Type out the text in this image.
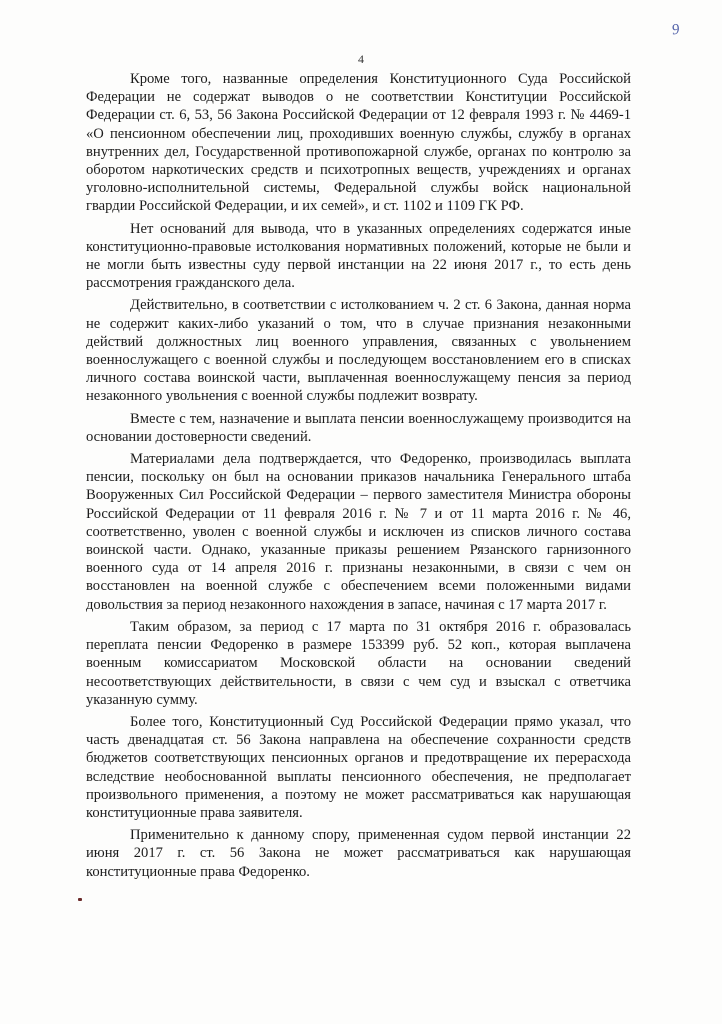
9
4

Кроме того, названные определения Конституционного Суда Российской Федерации не содержат выводов о не соответствии Конституции Российской Федерации ст. 6, 53, 56 Закона Российской Федерации от 12 февраля 1993 г. № 4469-1 «О пенсионном обеспечении лиц, проходивших военную службы, службу в органах внутренних дел, Государственной противопожарной службе, органах по контролю за оборотом наркотических средств и психотропных веществ, учреждениях и органах уголовно-исполнительной системы, Федеральной службы войск национальной гвардии Российской Федерации, и их семей», и ст. 1102 и 1109 ГК РФ.

Нет оснований для вывода, что в указанных определениях содержатся иные конституционно-правовые истолкования нормативных положений, которые не были и не могли быть известны суду первой инстанции на 22 июня 2017 г., то есть день рассмотрения гражданского дела.

Действительно, в соответствии с истолкованием ч. 2 ст. 6 Закона, данная норма не содержит каких-либо указаний о том, что в случае признания незаконными действий должностных лиц военного управления, связанных с увольнением военнослужащего с военной службы и последующем восстановлением его в списках личного состава воинской части, выплаченная военнослужащему пенсия за период незаконного увольнения с военной службы подлежит возврату.

Вместе с тем, назначение и выплата пенсии военнослужащему производится на основании достоверности сведений.

Материалами дела подтверждается, что Федоренко, производилась выплата пенсии, поскольку он был на основании приказов начальника Генерального штаба Вооруженных Сил Российской Федерации – первого заместителя Министра обороны Российской Федерации от 11 февраля 2016 г. № 7 и от 11 марта 2016 г. № 46, соответственно, уволен с военной службы и исключен из списков личного состава воинской части. Однако, указанные приказы решением Рязанского гарнизонного военного суда от 14 апреля 2016 г. признаны незаконными, в связи с чем он восстановлен на военной службе с обеспечением всеми положенными видами довольствия за период незаконного нахождения в запасе, начиная с 17 марта 2017 г.

Таким образом, за период с 17 марта по 31 октября 2016 г. образовалась переплата пенсии Федоренко в размере 153399 руб. 52 коп., которая выплачена военным комиссариатом Московской области на основании сведений несоответствующих действительности, в связи с чем суд и взыскал с ответчика указанную сумму.

Более того, Конституционный Суд Российской Федерации прямо указал, что часть двенадцатая ст. 56 Закона направлена на обеспечение сохранности средств бюджетов соответствующих пенсионных органов и предотвращение их перерасхода вследствие необоснованной выплаты пенсионного обеспечения, не предполагает произвольного применения, а поэтому не может рассматриваться как нарушающая конституционные права заявителя.

Применительно к данному спору, примененная судом первой инстанции 22 июня 2017 г. ст. 56 Закона не может рассматриваться как нарушающая конституционные права Федоренко.
